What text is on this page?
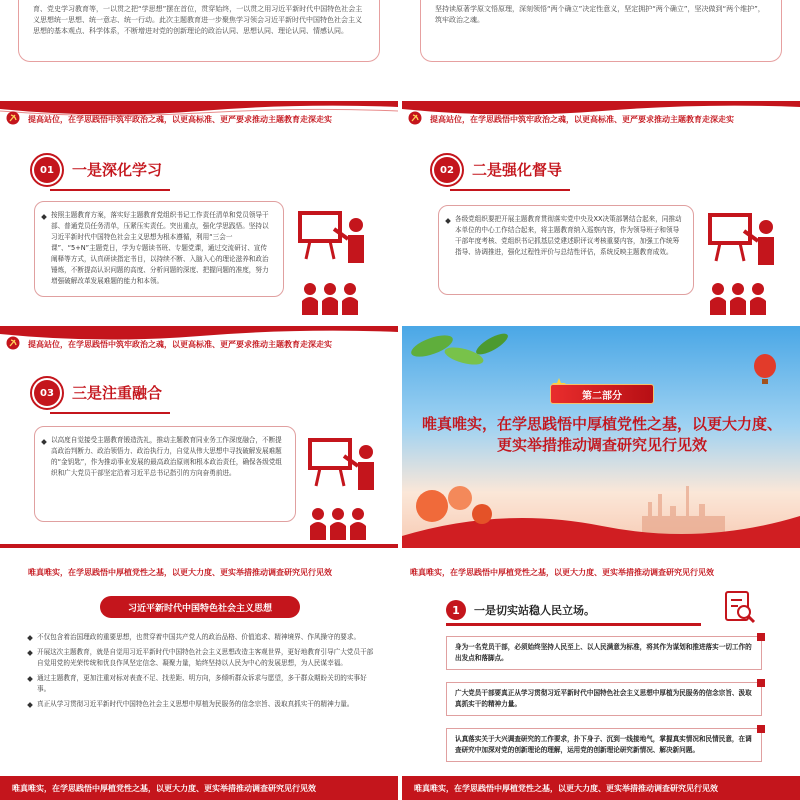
育、党史学习教育等，一以贯之把“学思想”摆在首位，贯穿始终，一以贯之用习近平新时代中国特色社会主义思想统一思想、统一意志、统一行动。此次主题教育进一步聚焦学习领会习近平新时代中国特色社会主义思想的基本观点、科学体系，不断增进对党的创新理论的政治认同、思想认同、理论认同、情感认同。
坚持读原著学原文悟原理，深刻领悟“两个确立”决定性意义，坚定拥护“两个确立”，坚决做到“两个维护”，筑牢政治之魂。
提高站位，在学思践悟中筑牢政治之魂，以更高标准、更严要求推动主题教育走深走实
01	一是深化学习
按照主题教育方案，落实好主题教育党组织书记工作责任清单和党员领导干部、普通党员任务清单，压紧压实责任。突出重点，强化学思践悟。坚持以习近平新时代中国特色社会主义思想为根本遵循，利用“三会一课”、“5+N”主题党日，学为专题读书班、专题党课，通过交流研讨、宣传阐释等方式，认真研读指定书目，以持续不断、入脑入心的理论滋养和政治锤炼，不断提高认识问题的高度、分析问题的深度、把握问题的准度，努力增强破解改革发展难题的能力和本领。
提高站位，在学思践悟中筑牢政治之魂，以更高标准、更严要求推动主题教育走深走实
02	二是强化督导
各级党组织要把开展主题教育贯彻落实党中央及XX决策部署结合起来，同推动本单位的中心工作结合起来，将主题教育纳入巡察内容，作为领导班子和领导干部年度考核、党组织书记抓基层党建述职评议考核重要内容，加强工作统筹指导、协调推进，强化过程性评价与总结性评估，系统反映主题教育成效。
提高站位，在学思践悟中筑牢政治之魂，以更高标准、更严要求推动主题教育走深走实
03	三是注重融合
以高度自觉接受主题教育锻造洗礼，推动主题教育同业务工作深度融合，不断提高政治判断力、政治领悟力、政治执行力，自觉从伟大思想中寻找破解发展难题的“金钥匙”，作为推动事业发展的最高政治原则和根本政治责任，确保各级党组织和广大党员干部坚定沿着习近平总书记指引的方向奋勇前进。
第二部分
唯真唯实，在学思践悟中厚植党性之基，以更大力度、更实举措推动调查研究见行见效
唯真唯实，在学思践悟中厚植党性之基，以更大力度、更实举措推动调查研究见行见效
习近平新时代中国特色社会主义思想
不仅包含着治国理政的重要思想，也贯穿着中国共产党人的政治品格、价值追求、精神境界、作风操守的要求。
开展这次主题教育，就是自觉用习近平新时代中国特色社会主义思想改造主客观世界，更好地教育引导广大党员干部自觉用党的光荣传统和优良作风坚定信念、凝聚力量，始终坚持以人民为中心的发展思想，为人民谋幸福。
通过主题教育，更加注重对标对表查不足、找差距、明方向，多倾听群众诉求与愿望，多干群众期盼关切的实事好事。
真正从学习贯彻习近平新时代中国特色社会主义思想中厚植为民服务的信念宗旨、汲取真抓实干的精神力量。
唯真唯实，在学思践悟中厚植党性之基，以更大力度、更实举措推动调查研究见行见效
唯真唯实，在学思践悟中厚植党性之基，以更大力度、更实举措推动调查研究见行见效
1	一是切实站稳人民立场。
身为一名党员干部，必须始终坚持人民至上、以人民满意为标准，将其作为谋划和推进落实一切工作的出发点和落脚点。
广大党员干部要真正从学习贯彻习近平新时代中国特色社会主义思想中厚植为民服务的信念宗旨、汲取真抓实干的精神力量。
认真落实关于大兴调查研究的工作要求，扑下身子、沉到一线接地气，掌握真实情况和民情民意，在调查研究中加深对党的创新理论的理解，运用党的创新理论研究新情况、解决新问题。
唯真唯实，在学思践悟中厚植党性之基，以更大力度、更实举措推动调查研究见行见效
